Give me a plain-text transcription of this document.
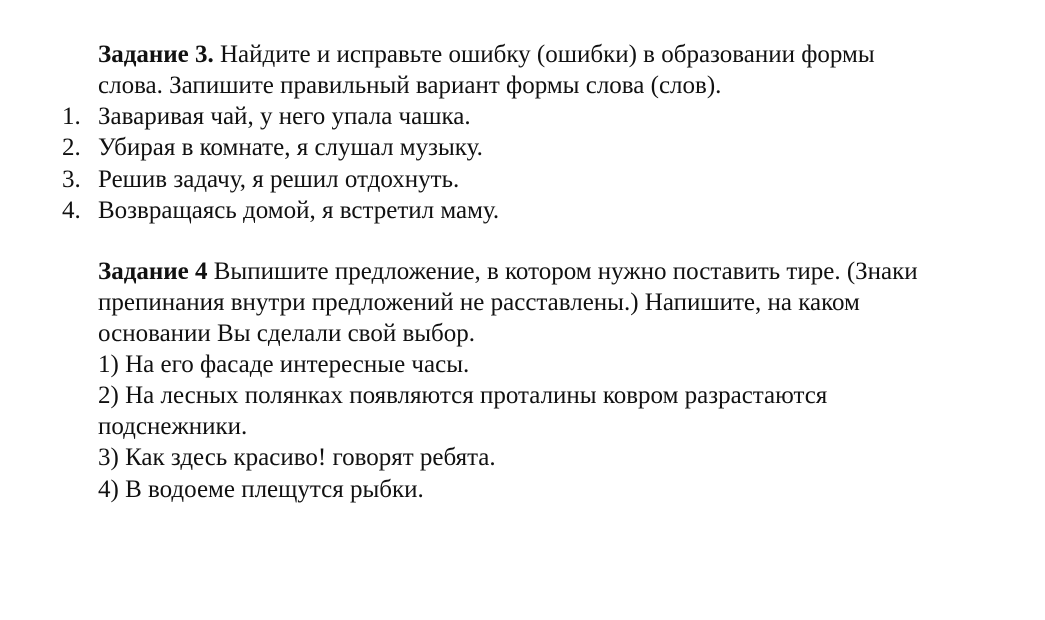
Задание 3. Найдите и исправьте ошибку (ошибки) в образовании формы
слова. Запишите правильный вариант формы слова (слов).
1. Заваривая чай, у него упала чашка.
2. Убирая в комнате, я слушал музыку.
3. Решив задачу, я решил отдохнуть.
4. Возвращаясь домой, я встретил маму.
Задание 4 Выпишите предложение, в котором нужно поставить тире. (Знаки
препинания внутри предложений не расставлены.) Напишите, на каком
основании Вы сделали свой выбор.
1) На его фасаде интересные часы.
2) На лесных полянках появляются проталины ковром разрастаются
подснежники.
3) Как здесь красиво! говорят ребята.
4) В водоеме плещутся рыбки.
